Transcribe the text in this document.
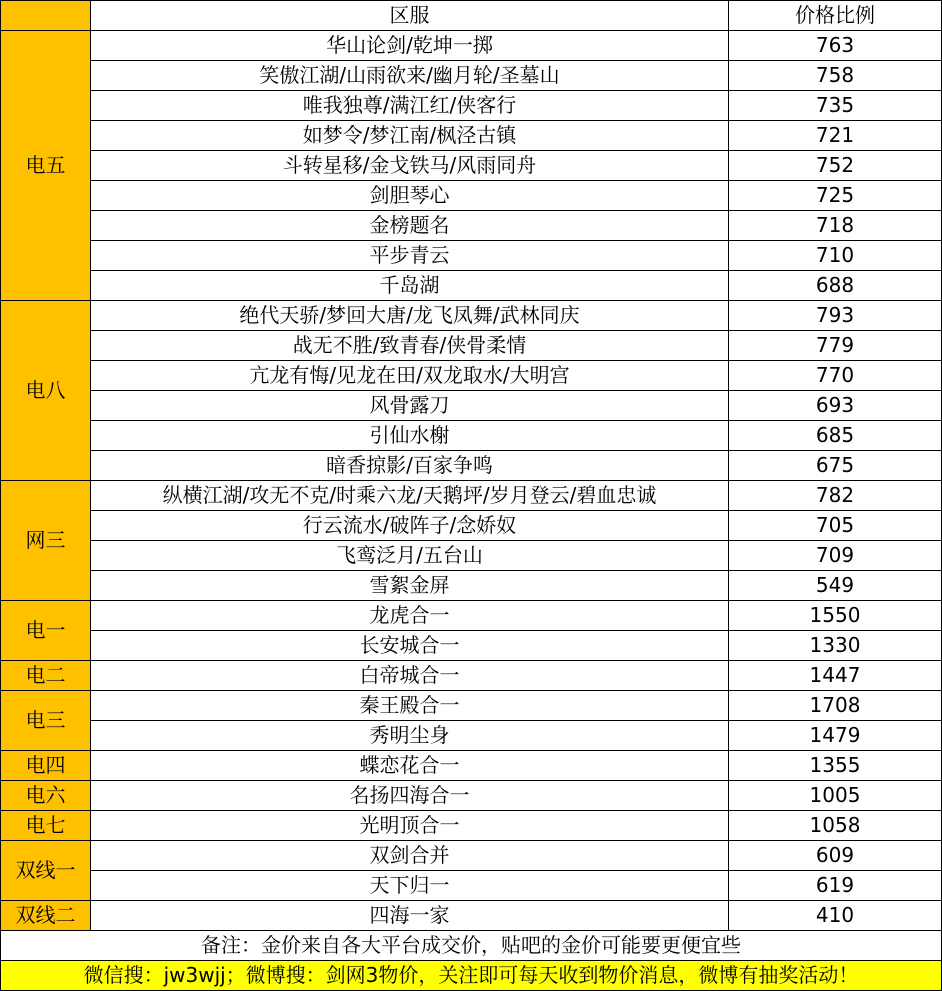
	区服	价格比例
电五	华山论剑/乾坤一掷	763
	笑傲江湖/山雨欲来/幽月轮/圣墓山	758
	唯我独尊/满江红/侠客行	735
	如梦令/梦江南/枫泾古镇	721
	斗转星移/金戈铁马/风雨同舟	752
	剑胆琴心	725
	金榜题名	718
	平步青云	710
	千岛湖	688
电八	绝代天骄/梦回大唐/龙飞凤舞/武林同庆	793
	战无不胜/致青春/侠骨柔情	779
	亢龙有悔/见龙在田/双龙取水/大明宫	770
	风骨露刀	693
	引仙水榭	685
	暗香掠影/百家争鸣	675
网三	纵横江湖/攻无不克/时乘六龙/天鹅坪/岁月登云/碧血忠诚	782
	行云流水/破阵子/念娇奴	705
	飞鸾泛月/五台山	709
	雪絮金屏	549
电一	龙虎合一	1550
	长安城合一	1330
电二	白帝城合一	1447
电三	秦王殿合一	1708
	秀明尘身	1479
电四	蝶恋花合一	1355
电六	名扬四海合一	1005
电七	光明顶合一	1058
双线一	双剑合并	609
	天下归一	619
双线二	四海一家	410
备注：金价来自各大平台成交价，贴吧的金价可能要更便宜些		
微信搜：jw3wjj；微博搜：剑网3物价，关注即可每天收到物价消息，微博有抽奖活动！		
